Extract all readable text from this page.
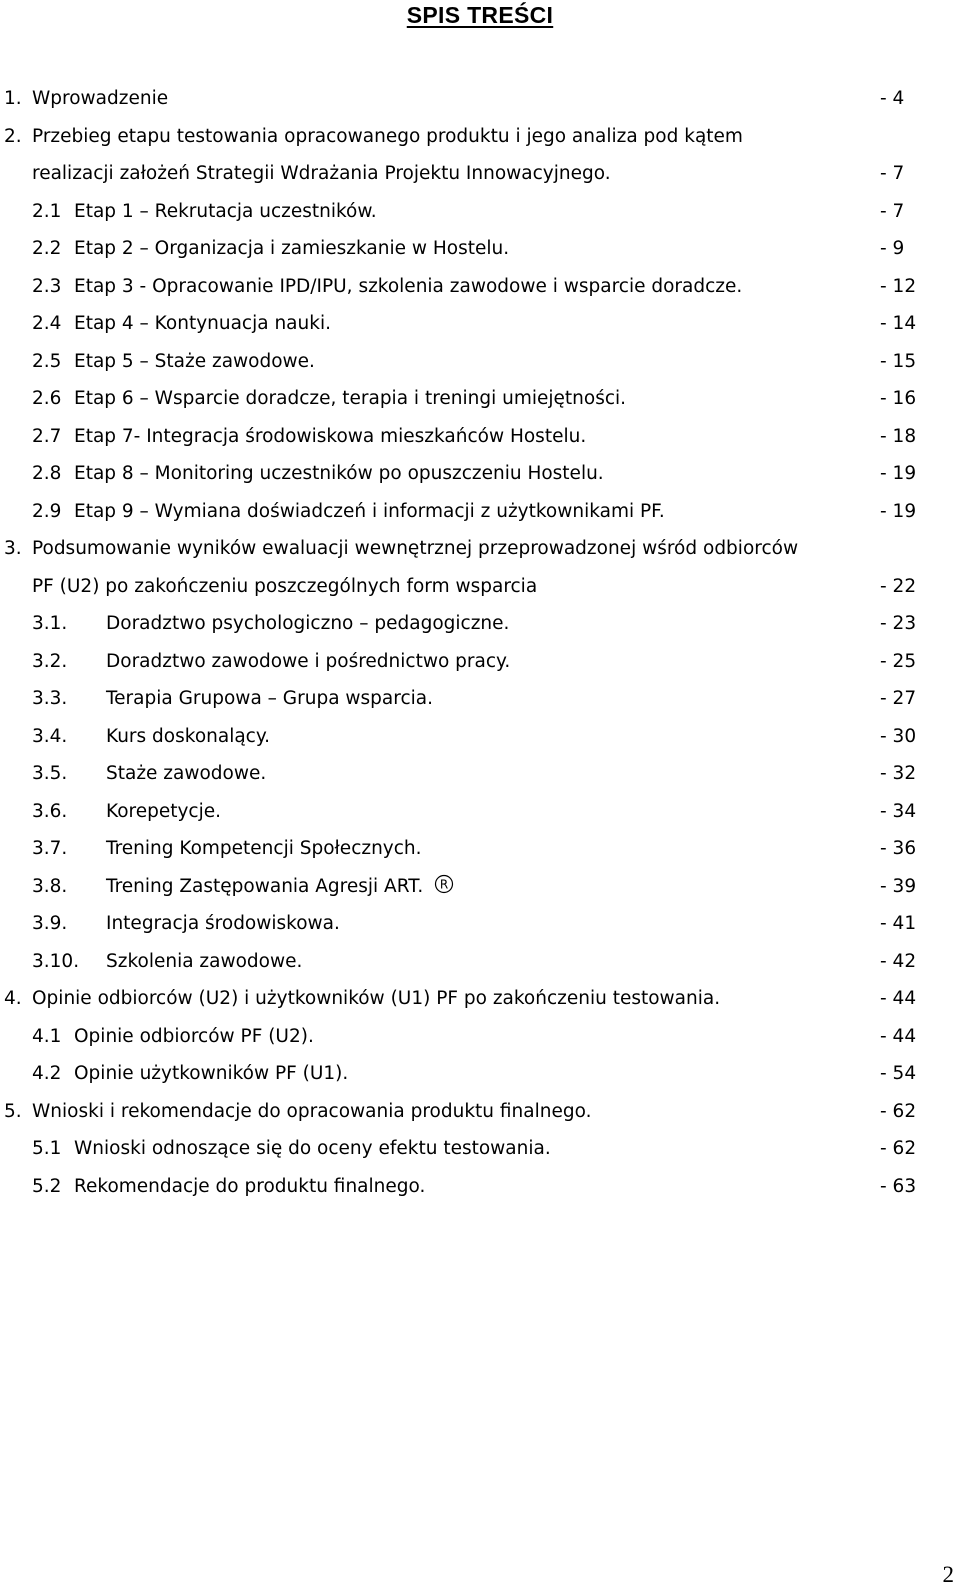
SPIS TREŚCI
1. Wprowadzenie	- 4
2. Przebieg etapu testowania opracowanego produktu i jego analiza pod kątem
realizacji założeń Strategii Wdrażania Projektu Innowacyjnego.	- 7
2.1 Etap 1 – Rekrutacja uczestników.	- 7
2.2 Etap 2 – Organizacja i zamieszkanie w Hostelu.	- 9
2.3 Etap 3 - Opracowanie IPD/IPU, szkolenia zawodowe i wsparcie doradcze.	- 12
2.4 Etap 4 – Kontynuacja nauki.	- 14
2.5 Etap 5 – Staże zawodowe.	- 15
2.6 Etap 6 – Wsparcie doradcze, terapia i treningi umiejętności.	- 16
2.7 Etap 7- Integracja środowiskowa mieszkańców Hostelu.	- 18
2.8 Etap 8 – Monitoring uczestników po opuszczeniu Hostelu.	- 19
2.9 Etap 9 – Wymiana doświadczeń i informacji z użytkownikami PF.	- 19
3. Podsumowanie wyników ewaluacji wewnętrznej przeprowadzonej wśród odbiorców
PF (U2) po zakończeniu poszczególnych form wsparcia	- 22
3.1. Doradztwo psychologiczno – pedagogiczne.	- 23
3.2. Doradztwo zawodowe i pośrednictwo pracy.	- 25
3.3. Terapia Grupowa – Grupa wsparcia.	- 27
3.4. Kurs doskonalący.	- 30
3.5. Staże zawodowe.	- 32
3.6. Korepetycje.	- 34
3.7. Trening Kompetencji Społecznych.	- 36
3.8. Trening Zastępowania Agresji ART. R	- 39
3.9. Integracja środowiskowa.	- 41
3.10. Szkolenia zawodowe.	- 42
4. Opinie odbiorców (U2) i użytkowników (U1) PF po zakończeniu testowania.	- 44
4.1 Opinie odbiorców PF (U2).	- 44
4.2 Opinie użytkowników PF (U1).	- 54
5. Wnioski i rekomendacje do opracowania produktu finalnego.	- 62
5.1 Wnioski odnoszące się do oceny efektu testowania.	- 62
5.2 Rekomendacje do produktu finalnego.	- 63
2
